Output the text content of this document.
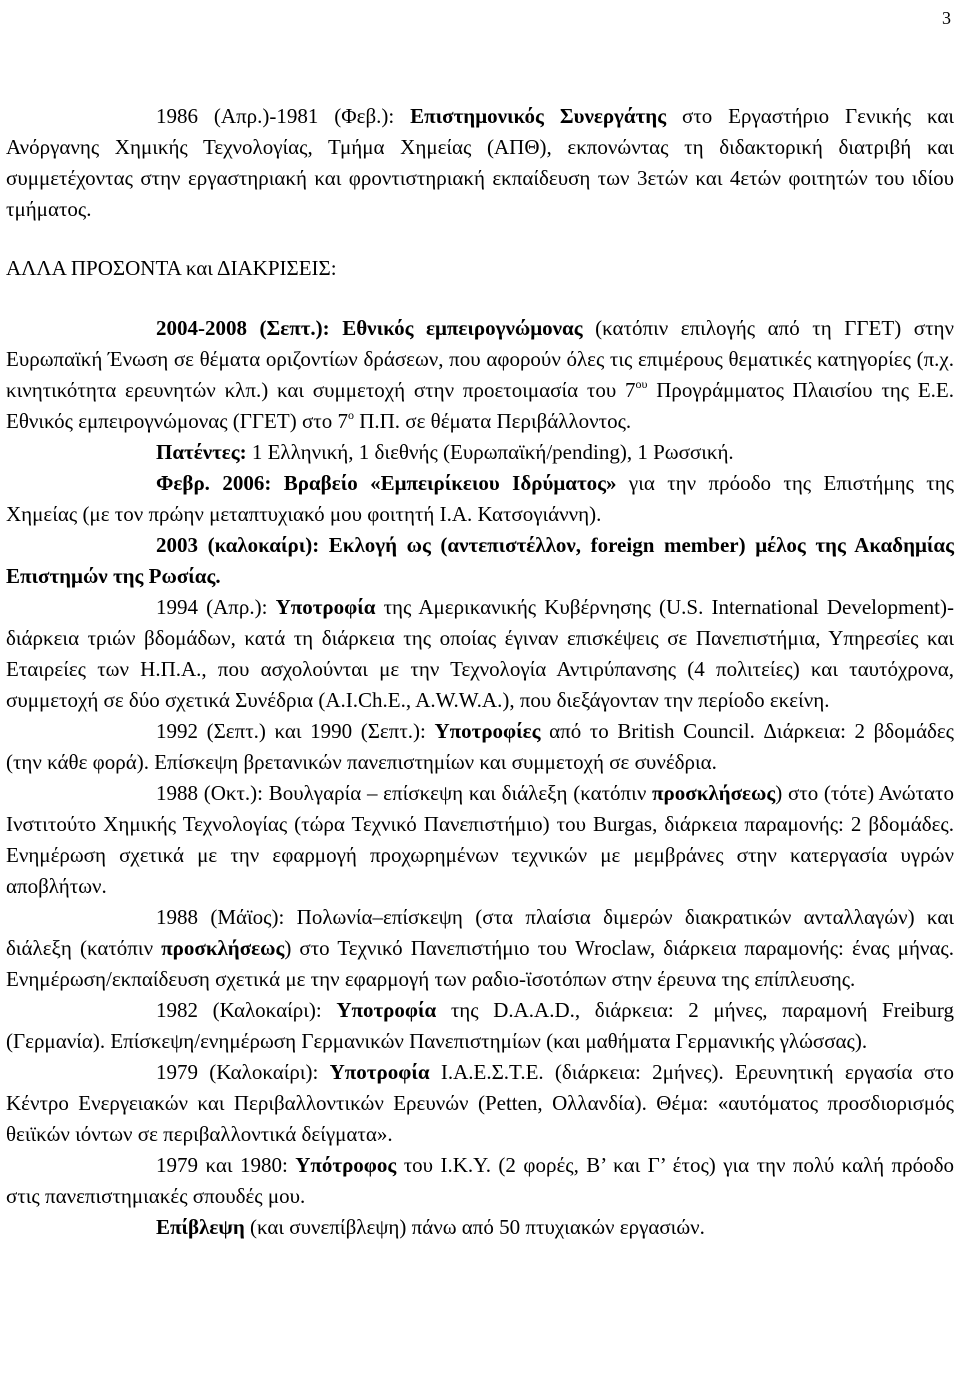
3

1986 (Απρ.)-1981 (Φεβ.): Επιστημονικός Συνεργάτης στο Εργαστήριο Γενικής και Ανόργανης Χημικής Τεχνολογίας, Τμήμα Χημείας (ΑΠΘ), εκπονώντας τη διδακτορική διατριβή και συμμετέχοντας στην εργαστηριακή και φροντιστηριακή εκπαίδευση των 3ετών και 4ετών φοιτητών του ιδίου τμήματος.

ΑΛΛΑ ΠΡΟΣΟΝΤΑ και ΔΙΑΚΡΙΣΕΙΣ:

2004-2008 (Σεπτ.): Εθνικός εμπειρογνώμονας (κατόπιν επιλογής από τη ΓΓΕΤ) στην Ευρωπαϊκή Ένωση σε θέματα οριζοντίων δράσεων, που αφορούν όλες τις επιμέρους θεματικές κατηγορίες (π.χ. κινητικότητα ερευνητών κλπ.) και συμμετοχή στην προετοιμασία του $7^{o\upsilon}$ Προγράμματος Πλαισίου της Ε.Ε. Εθνικός εμπειρογνώμονας (ΓΓΕΤ) στο $7^o$ Π.Π. σε θέματα Περιβάλλοντος.

Πατέντες: 1 Ελληνική, 1 διεθνής (Ευρωπαϊκή/pending), 1 Ρωσσική.

Φεβρ. 2006: Βραβείο «Εμπειρίκειου Ιδρύματος» για την πρόοδο της Επιστήμης της Χημείας (με τον πρώην μεταπτυχιακό μου φοιτητή Ι.Α. Κατσογιάννη).

2003 (καλοκαίρι): Εκλογή ως (αντεπιστέλλον, foreign member) μέλος της Ακαδημίας Επιστημών της Ρωσίας.

1994 (Απρ.): Υποτροφία της Αμερικανικής Κυβέρνησης (U.S. International Development)-διάρκεια τριών βδομάδων, κατά τη διάρκεια της οποίας έγιναν επισκέψεις σε Πανεπιστήμια, Υπηρεσίες και Εταιρείες των Η.Π.Α., που ασχολούνται με την Τεχνολογία Αντιρύπανσης (4 πολιτείες) και ταυτόχρονα, συμμετοχή σε δύο σχετικά Συνέδρια (A.I.Ch.E., A.W.W.A.), που διεξάγονταν την περίοδο εκείνη.

1992 (Σεπτ.) και 1990 (Σεπτ.): Υποτροφίες από το British Council. Διάρκεια: 2 βδομάδες (την κάθε φορά). Επίσκεψη βρετανικών πανεπιστημίων και συμμετοχή σε συνέδρια.

1988 (Οκτ.): Βουλγαρία – επίσκεψη και διάλεξη (κατόπιν προσκλήσεως) στο (τότε) Ανώτατο Ινστιτούτο Χημικής Τεχνολογίας (τώρα Τεχνικό Πανεπιστήμιο) του Burgas, διάρκεια παραμονής: 2 βδομάδες. Ενημέρωση σχετικά με την εφαρμογή προχωρημένων τεχνικών με μεμβράνες στην κατεργασία υγρών αποβλήτων.

1988 (Μάϊος): Πολωνία–επίσκεψη (στα πλαίσια διμερών διακρατικών ανταλλαγών) και διάλεξη (κατόπιν προσκλήσεως) στο Τεχνικό Πανεπιστήμιο του Wroclaw, διάρκεια παραμονής: ένας μήνας. Ενημέρωση/εκπαίδευση σχετικά με την εφαρμογή των ραδιο-ϊσοτόπων στην έρευνα της επίπλευσης.

1982 (Καλοκαίρι): Υποτροφία της D.A.A.D., διάρκεια: 2 μήνες, παραμονή Freiburg (Γερμανία). Επίσκεψη/ενημέρωση Γερμανικών Πανεπιστημίων (και μαθήματα Γερμανικής γλώσσας).

1979 (Καλοκαίρι): Υποτροφία Ι.Α.Ε.Σ.Τ.Ε. (διάρκεια: 2μήνες). Ερευνητική εργασία στο Κέντρο Ενεργειακών και Περιβαλλοντικών Ερευνών (Petten, Ολλανδία). Θέμα: «αυτόματος προσδιορισμός θειϊκών ιόντων σε περιβαλλοντικά δείγματα».

1979 και 1980: Υπότροφος του Ι.Κ.Υ. (2 φορές, Β’ και Γ’ έτος) για την πολύ καλή πρόοδο στις πανεπιστημιακές σπουδές μου.

Επίβλεψη (και συνεπίβλεψη) πάνω από 50 πτυχιακών εργασιών.
